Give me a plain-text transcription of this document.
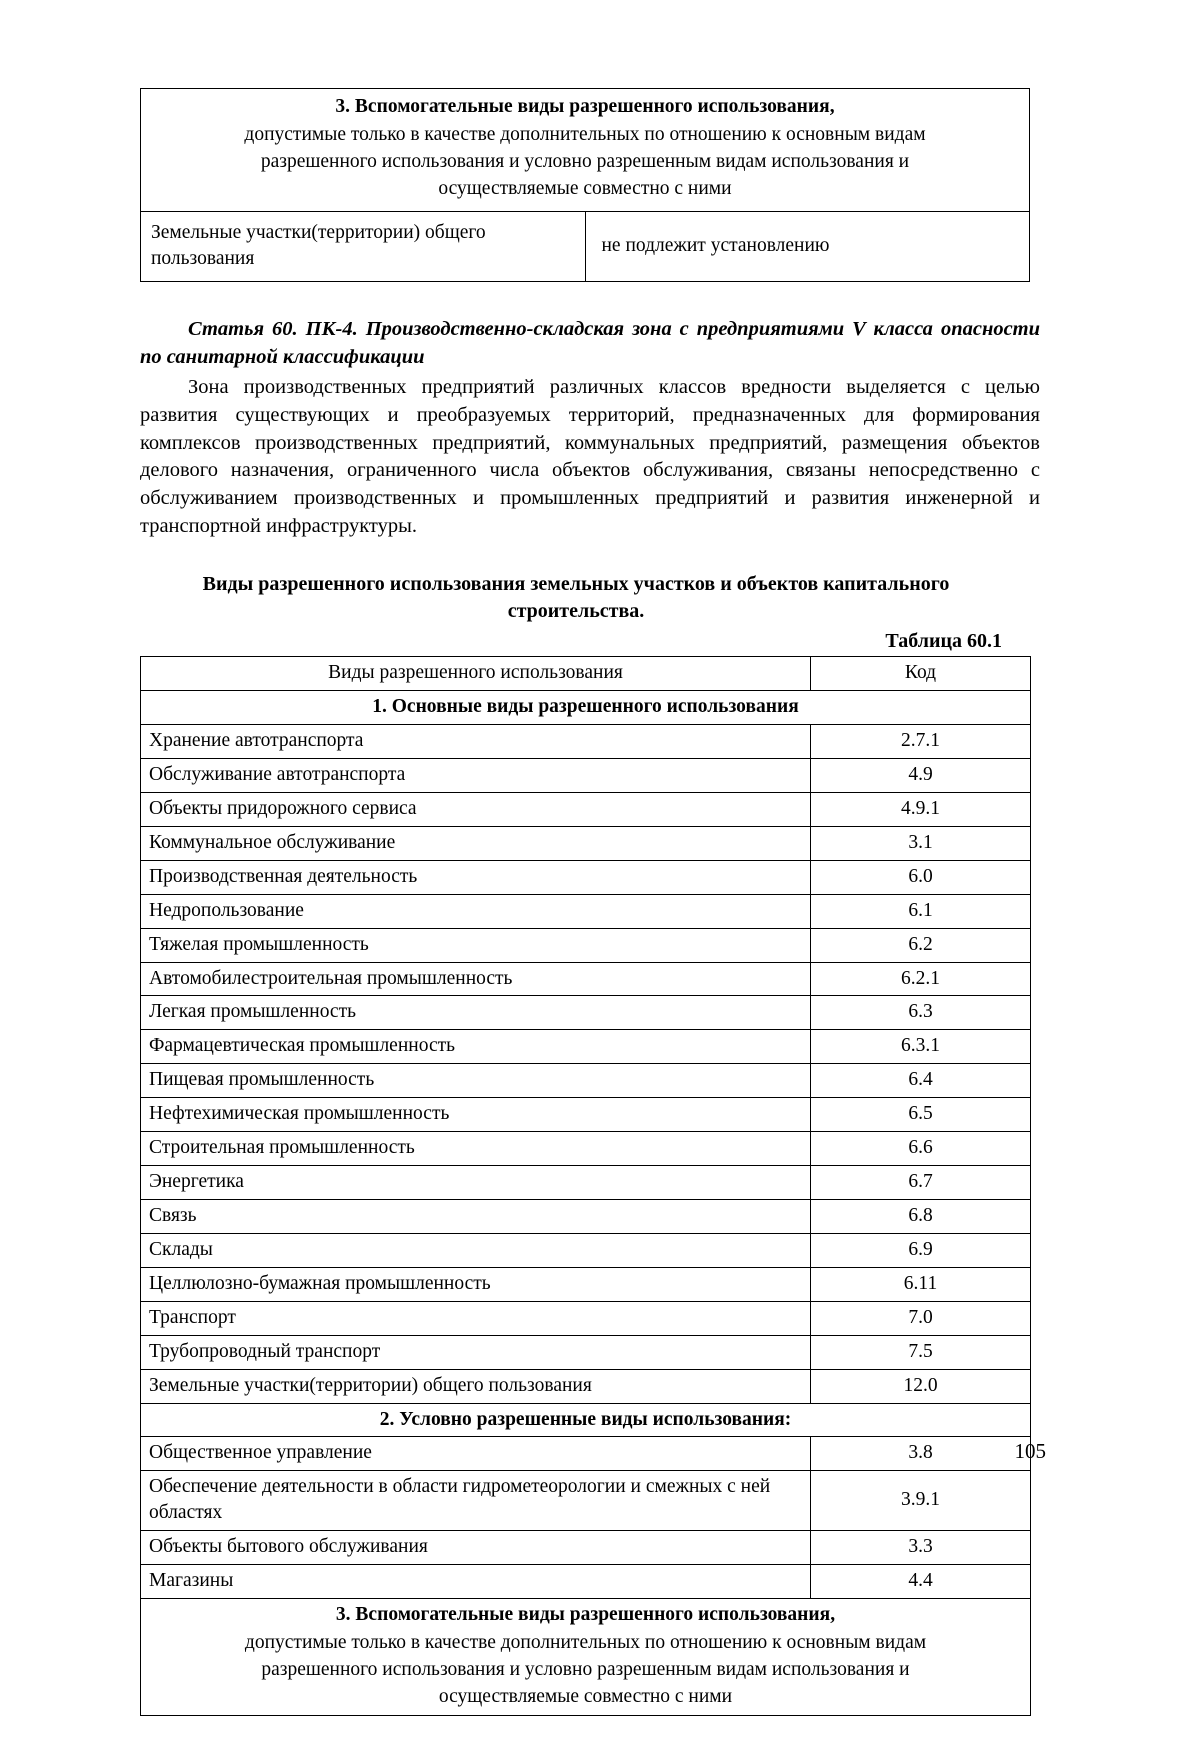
3. Вспомогательные виды разрешенного использования,
допустимые только в качестве дополнительных по отношению к основным видам
разрешенного использования и условно разрешенным видам использования и
осуществляемые совместно с ними

Земельные участки(территории) общего пользования	не подлежит установлению
Статья 60. ПК-4. Производственно-складская зона с предприятиями V класса опасности по санитарной классификации

Зона производственных предприятий различных классов вредности выделяется с целью развития существующих и преобразуемых территорий, предназначенных для формирования комплексов производственных предприятий, коммунальных предприятий, размещения объектов делового назначения, ограниченного числа объектов обслуживания, связаны непосредственно с обслуживанием производственных и промышленных предприятий и развития инженерной и транспортной инфраструктуры.

Виды разрешенного использования земельных участков и объектов капитального строительства.
Таблица 60.1
Виды разрешенного использования	Код
1. Основные виды разрешенного использования	
Хранение автотранспорта	2.7.1
Обслуживание автотранспорта	4.9
Объекты придорожного сервиса	4.9.1
Коммунальное обслуживание	3.1
Производственная деятельность	6.0
Недропользование	6.1
Тяжелая промышленность	6.2
Автомобилестроительная промышленность	6.2.1
Легкая промышленность	6.3
Фармацевтическая промышленность	6.3.1
Пищевая промышленность	6.4
Нефтехимическая промышленность	6.5
Строительная промышленность	6.6
Энергетика	6.7
Связь	6.8
Склады	6.9
Целлюлозно-бумажная промышленность	6.11
Транспорт	7.0
Трубопроводный транспорт	7.5
Земельные участки(территории) общего пользования	12.0
2. Условно разрешенные виды использования:	
Общественное управление	3.8
Обеспечение деятельности в области гидрометеорологии и смежных с ней областях	3.9.1
Объекты бытового обслуживания	3.3
Магазины	4.4

3. Вспомогательные виды разрешенного использования,
допустимые только в качестве дополнительных по отношению к основным видам
разрешенного использования и условно разрешенным видам использования и
осуществляемые совместно с ними	
105
